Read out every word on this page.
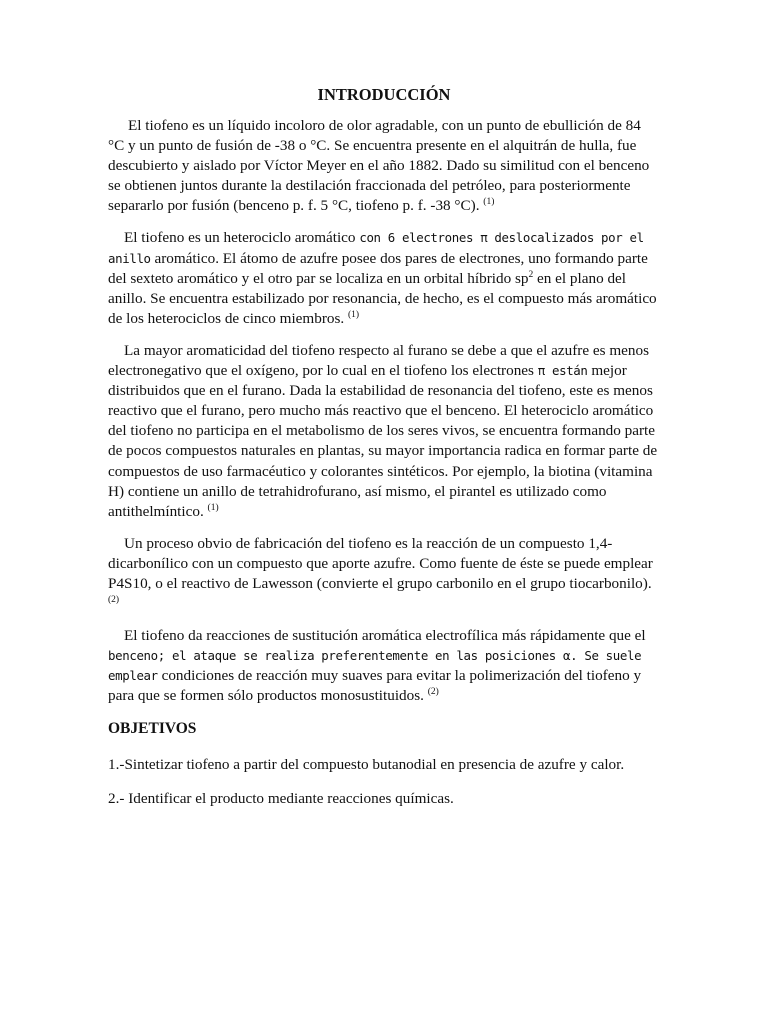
INTRODUCCIÓN

El tiofeno es un líquido incoloro de olor agradable, con un punto de ebullición de 84 °C y un punto de fusión de -38 o °C. Se encuentra presente en el alquitrán de hulla, fue descubierto y aislado por Víctor Meyer en el año 1882. Dado su similitud con el benceno se obtienen juntos durante la destilación fraccionada del petróleo, para posteriormente separarlo por fusión (benceno p. f. 5 °C, tiofeno p. f. -38 °C). $^{(1)}$

El tiofeno es un heterociclo aromático con 6 electrones π deslocalizados por el anillo aromático. El átomo de azufre posee dos pares de electrones, uno formando parte del sexteto aromático y el otro par se localiza en un orbital híbrido $sp^2$ en el plano del anillo. Se encuentra estabilizado por resonancia, de hecho, es el compuesto más aromático de los heterociclos de cinco miembros. $^{(1)}$

La mayor aromaticidad del tiofeno respecto al furano se debe a que el azufre es menos electronegativo que el oxígeno, por lo cual en el tiofeno los electrones π están mejor distribuidos que en el furano. Dada la estabilidad de resonancia del tiofeno, este es menos reactivo que el furano, pero mucho más reactivo que el benceno. El heterociclo aromático del tiofeno no participa en el metabolismo de los seres vivos, se encuentra formando parte de pocos compuestos naturales en plantas, su mayor importancia radica en formar parte de compuestos de uso farmacéutico y colorantes sintéticos. Por ejemplo, la biotina (vitamina H) contiene un anillo de tetrahidrofurano, así mismo, el pirantel es utilizado como antithelmíntico. $^{(1)}$

Un proceso obvio de fabricación del tiofeno es la reacción de un compuesto 1,4-dicarbonílico con un compuesto que aporte azufre. Como fuente de éste se puede emplear P4S10, o el reactivo de Lawesson (convierte el grupo carbonilo en el grupo tiocarbonilo). $^{(2)}$

El tiofeno da reacciones de sustitución aromática electrofílica más rápidamente que el benceno; el ataque se realiza preferentemente en las posiciones α. Se suele emplear condiciones de reacción muy suaves para evitar la polimerización del tiofeno y para que se formen sólo productos monosustituidos. $^{(2)}$

OBJETIVOS

1.-Sintetizar tiofeno a partir del compuesto butanodial en presencia de azufre y calor.

2.- Identificar el producto mediante reacciones químicas.
